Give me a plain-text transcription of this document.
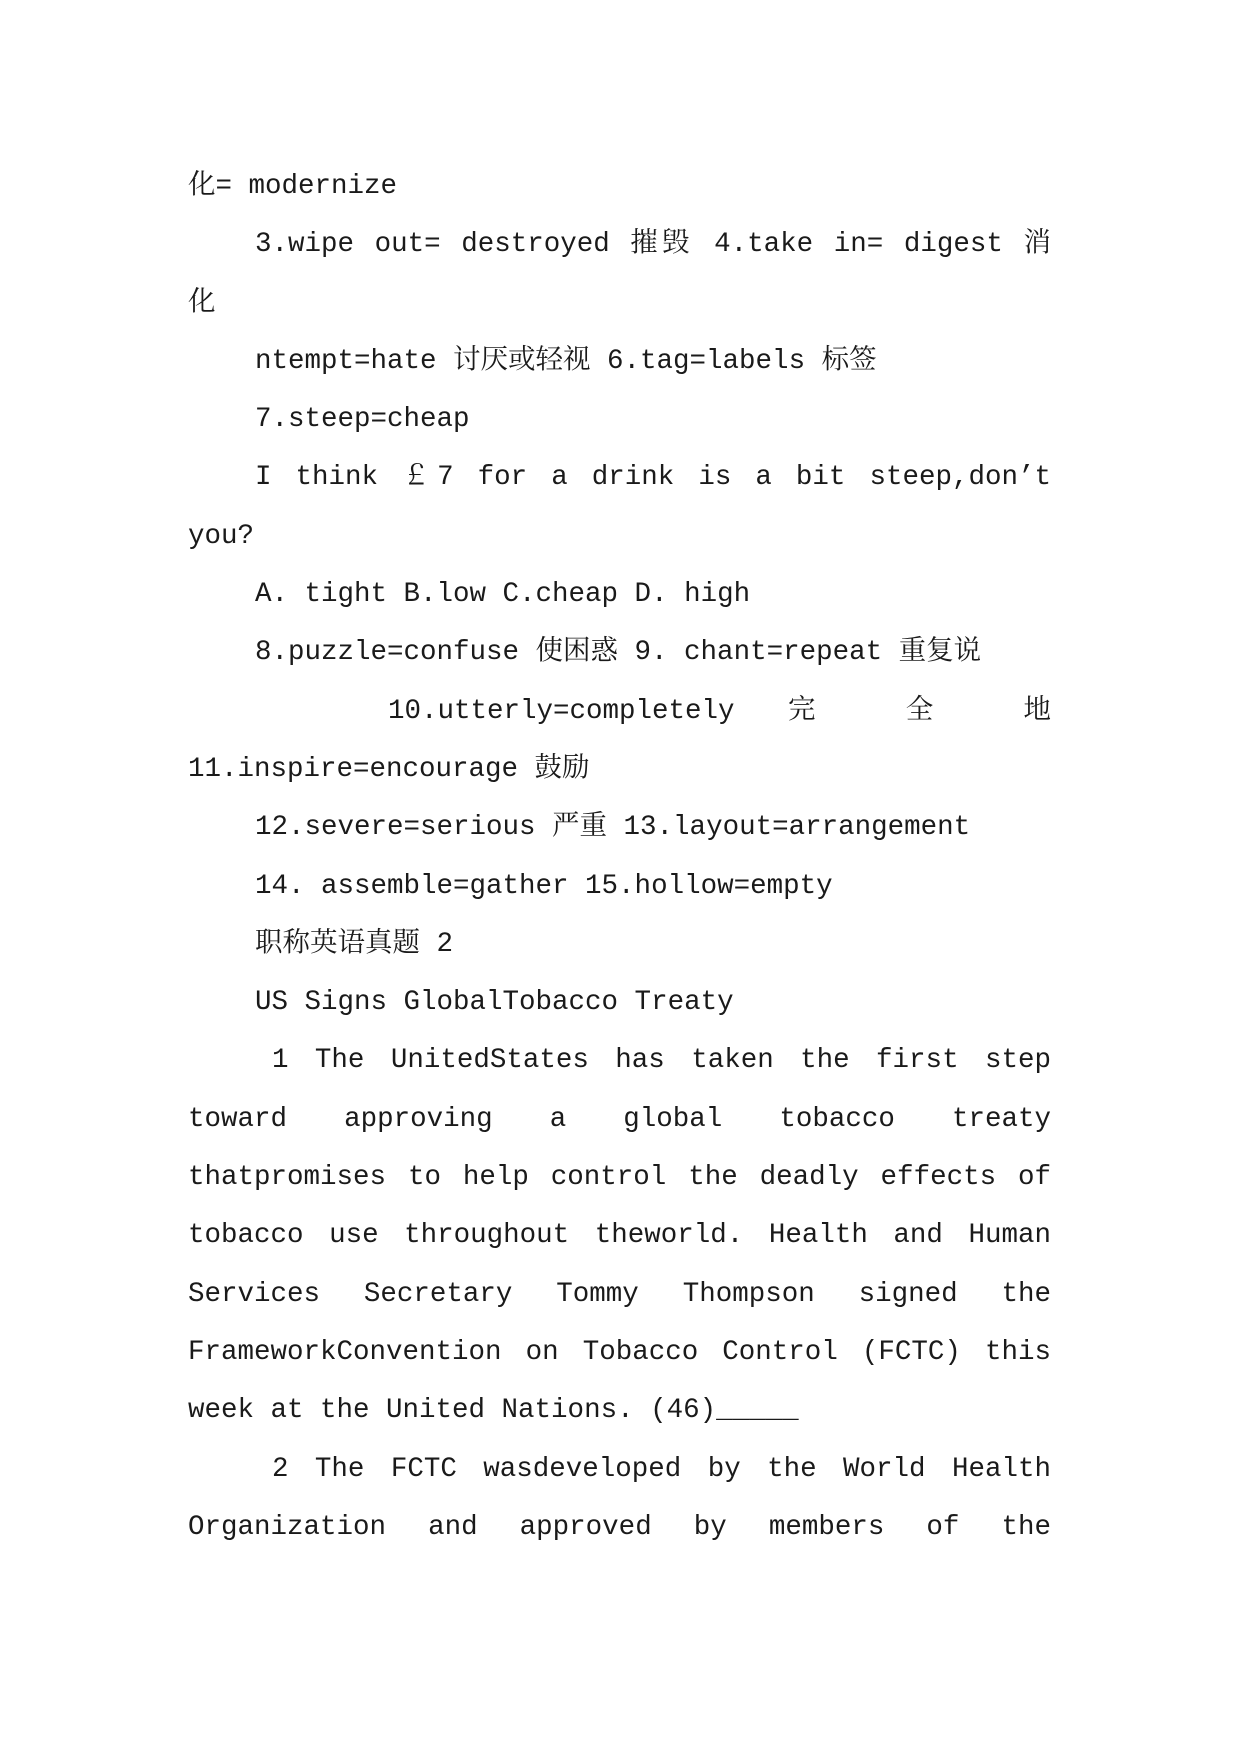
化= modernize
3.wipe out= destroyed 摧毁 4.take in= digest 消
化
ntempt=hate 讨厌或轻视 6.tag=labels 标签
7.steep=cheap
I think ￡7 for a drink is a bit steep,don’t
you?
A. tight B.low C.cheap D. high
8.puzzle=confuse 使困惑 9. chant=repeat 重复说
10.utterly=completely 完 全 地
11.inspire=encourage 鼓励
12.severe=serious 严重 13.layout=arrangement
14. assemble=gather 15.hollow=empty
职称英语真题 2
US Signs GlobalTobacco Treaty
1 The UnitedStates has taken the first step
toward approving a global tobacco treaty
thatpromises to help control the deadly effects of
tobacco use throughout theworld. Health and Human
Services Secretary Tommy Thompson signed the
FrameworkConvention on Tobacco Control (FCTC) this
week at the United Nations. (46)_____
2 The FCTC wasdeveloped by the World Health
Organization and approved by members of the
